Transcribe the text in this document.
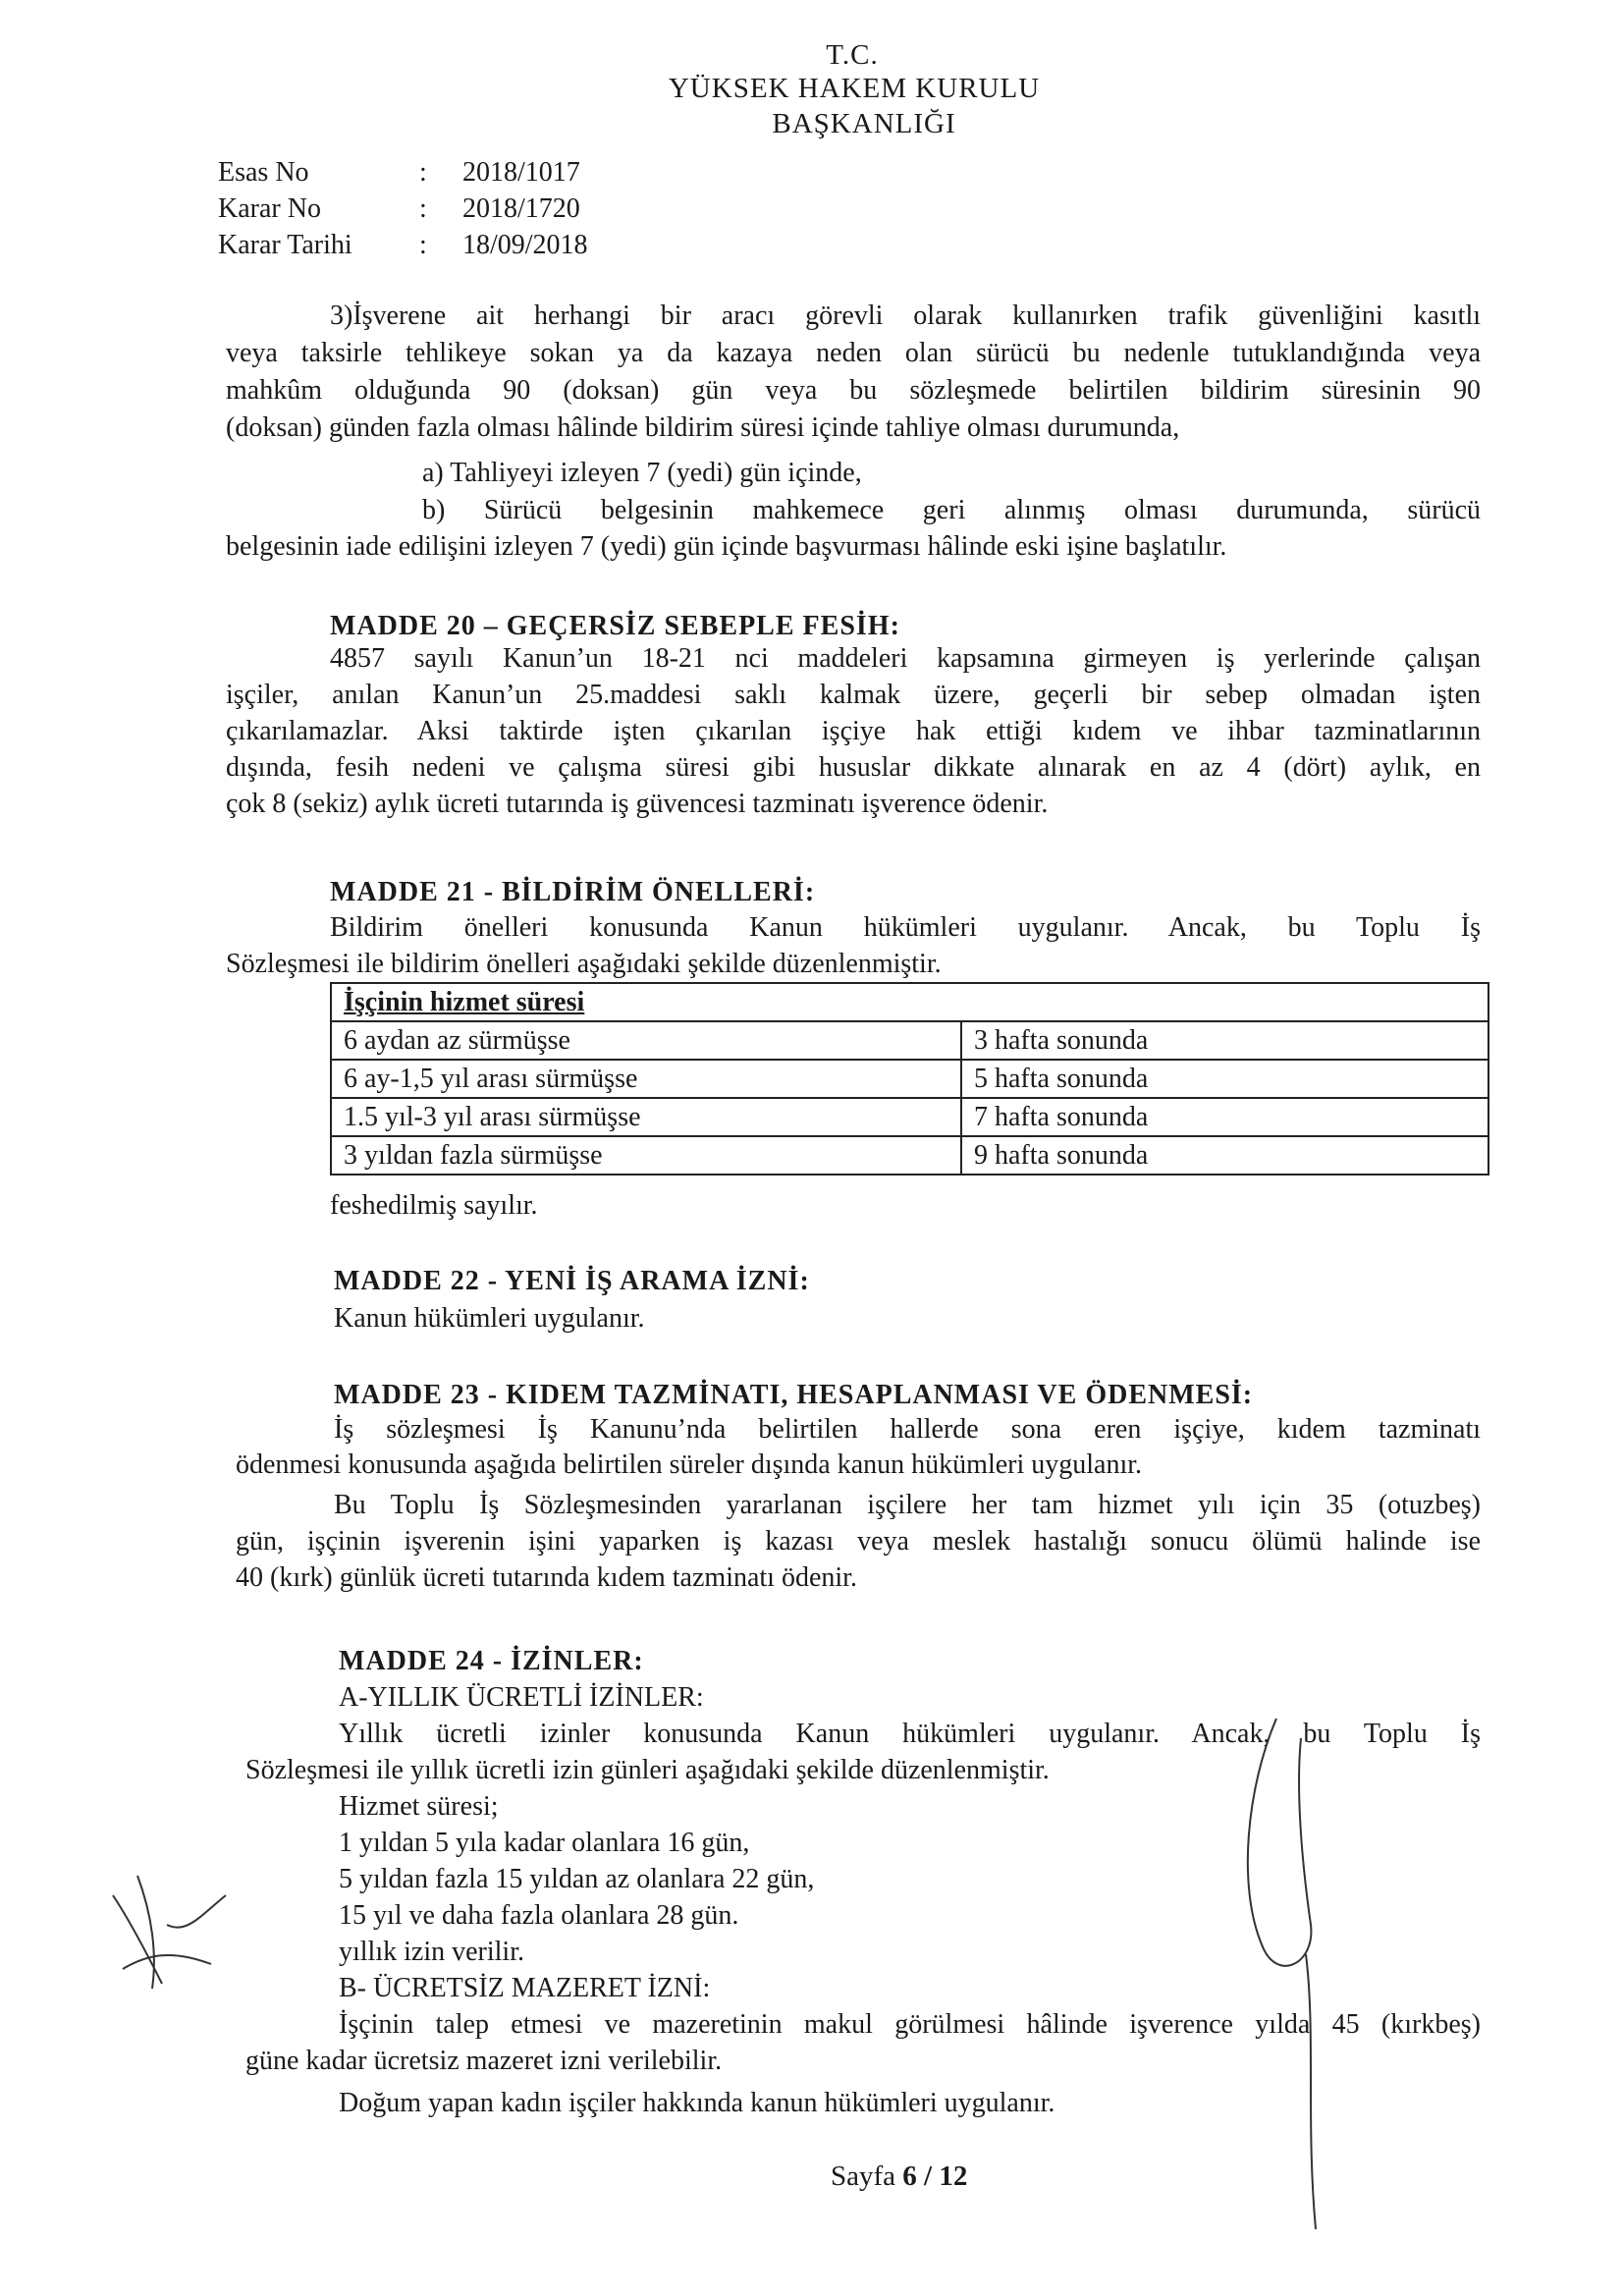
T.C.
YÜKSEK HAKEM KURULU
BAŞKANLIĞI
Esas No	: 2018/1017
Karar No	: 2018/1720
Karar Tarihi : 18/09/2018
3)İşverene ait herhangi bir aracı görevli olarak kullanırken trafik güvenliğini kasıtlı
veya taksirle tehlikeye sokan ya da kazaya neden olan sürücü bu nedenle tutuklandığında veya
mahkûm olduğunda 90 (doksan) gün veya bu sözleşmede belirtilen bildirim süresinin 90
(doksan) günden fazla olması hâlinde bildirim süresi içinde tahliye olması durumunda,
a) Tahliyeyi izleyen 7 (yedi) gün içinde,
b) Sürücü belgesinin mahkemece geri alınmış olması durumunda, sürücü
belgesinin iade edilişini izleyen 7 (yedi) gün içinde başvurması hâlinde eski işine başlatılır.
MADDE 20 – GEÇERSİZ SEBEPLE FESİH:
4857 sayılı Kanun’un 18-21 nci maddeleri kapsamına girmeyen iş yerlerinde çalışan
işçiler, anılan Kanun’un 25.maddesi saklı kalmak üzere, geçerli bir sebep olmadan işten
çıkarılamazlar. Aksi taktirde işten çıkarılan işçiye hak ettiği kıdem ve ihbar tazminatlarının
dışında, fesih nedeni ve çalışma süresi gibi hususlar dikkate alınarak en az 4 (dört) aylık, en
çok 8 (sekiz) aylık ücreti tutarında iş güvencesi tazminatı işverence ödenir.
MADDE 21 - BİLDİRİM ÖNELLERİ:
Bildirim önelleri konusunda Kanun hükümleri uygulanır. Ancak, bu Toplu İş
Sözleşmesi ile bildirim önelleri aşağıdaki şekilde düzenlenmiştir.
İşçinin hizmet süresi	
6 aydan az sürmüşse	3 hafta sonunda
6 ay-1,5 yıl arası sürmüşse	5 hafta sonunda
1.5 yıl-3 yıl arası sürmüşse	7 hafta sonunda
3 yıldan fazla sürmüşse	9 hafta sonunda
feshedilmiş sayılır.
MADDE 22 - YENİ İŞ ARAMA İZNİ:
Kanun hükümleri uygulanır.
MADDE 23 - KIDEM TAZMİNATI, HESAPLANMASI VE ÖDENMESİ:
İş sözleşmesi İş Kanunu’nda belirtilen hallerde sona eren işçiye, kıdem tazminatı
ödenmesi konusunda aşağıda belirtilen süreler dışında kanun hükümleri uygulanır.
Bu Toplu İş Sözleşmesinden yararlanan işçilere her tam hizmet yılı için 35 (otuzbeş)
gün, işçinin işverenin işini yaparken iş kazası veya meslek hastalığı sonucu ölümü halinde ise
40 (kırk) günlük ücreti tutarında kıdem tazminatı ödenir.
MADDE 24 - İZİNLER:
A-YILLIK ÜCRETLİ İZİNLER:
Yıllık ücretli izinler konusunda Kanun hükümleri uygulanır. Ancak, bu Toplu İş
Sözleşmesi ile yıllık ücretli izin günleri aşağıdaki şekilde düzenlenmiştir.
Hizmet süresi;
1 yıldan 5 yıla kadar olanlara 16 gün,
5 yıldan fazla 15 yıldan az olanlara 22 gün,
15 yıl ve daha fazla olanlara 28 gün.
yıllık izin verilir.
B- ÜCRETSİZ MAZERET İZNİ:
İşçinin talep etmesi ve mazeretinin makul görülmesi hâlinde işverence yılda 45 (kırkbeş)
güne kadar ücretsiz mazeret izni verilebilir.
Doğum yapan kadın işçiler hakkında kanun hükümleri uygulanır.
Sayfa 6 / 12
